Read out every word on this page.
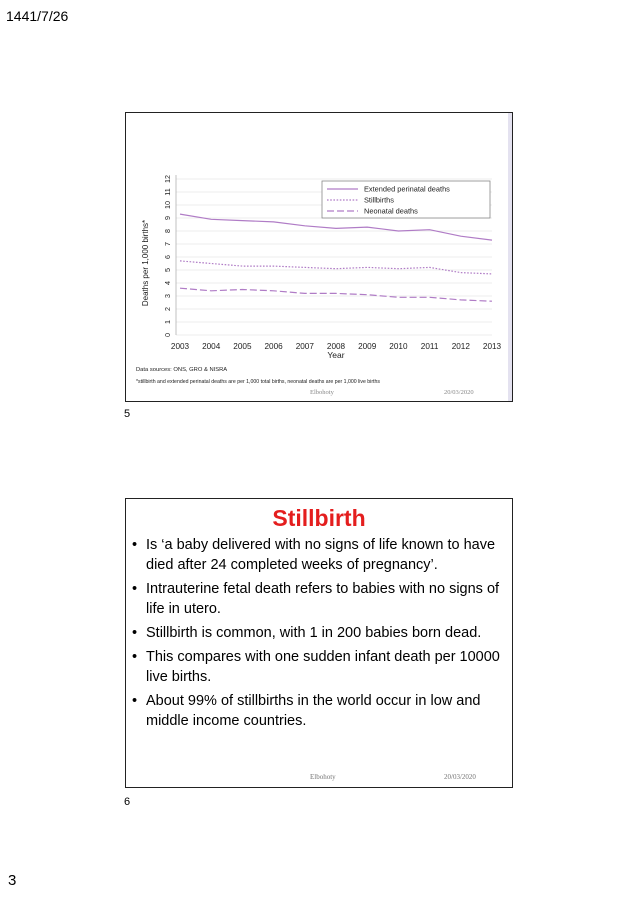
1441/7/26
0
1
2
3
4
5
6
7
8
9
10
11
12
2003 2004 2005 2006 2007 2008 2009 2010 2011 2012 2013
Deaths per 1,000 births*
Year
Extended perinatal deaths
Stillbirths
Neonatal deaths
Data sources: ONS, GRO & NISRA
*stillbirth and extended perinatal deaths are per 1,000 total births, neonatal deaths are per 1,000 live births
Elbohoty	20/03/2020
5
Stillbirth
• Is ‘a baby delivered with no signs of life known to have died after 24 completed weeks of pregnancy’.
• Intrauterine fetal death refers to babies with no signs of life in utero.
• Stillbirth is common, with 1 in 200 babies born dead.
• This compares with one sudden infant death per 10000 live births.
• About 99% of stillbirths in the world occur in low and middle income countries.
Elbohoty	20/03/2020
6
3
